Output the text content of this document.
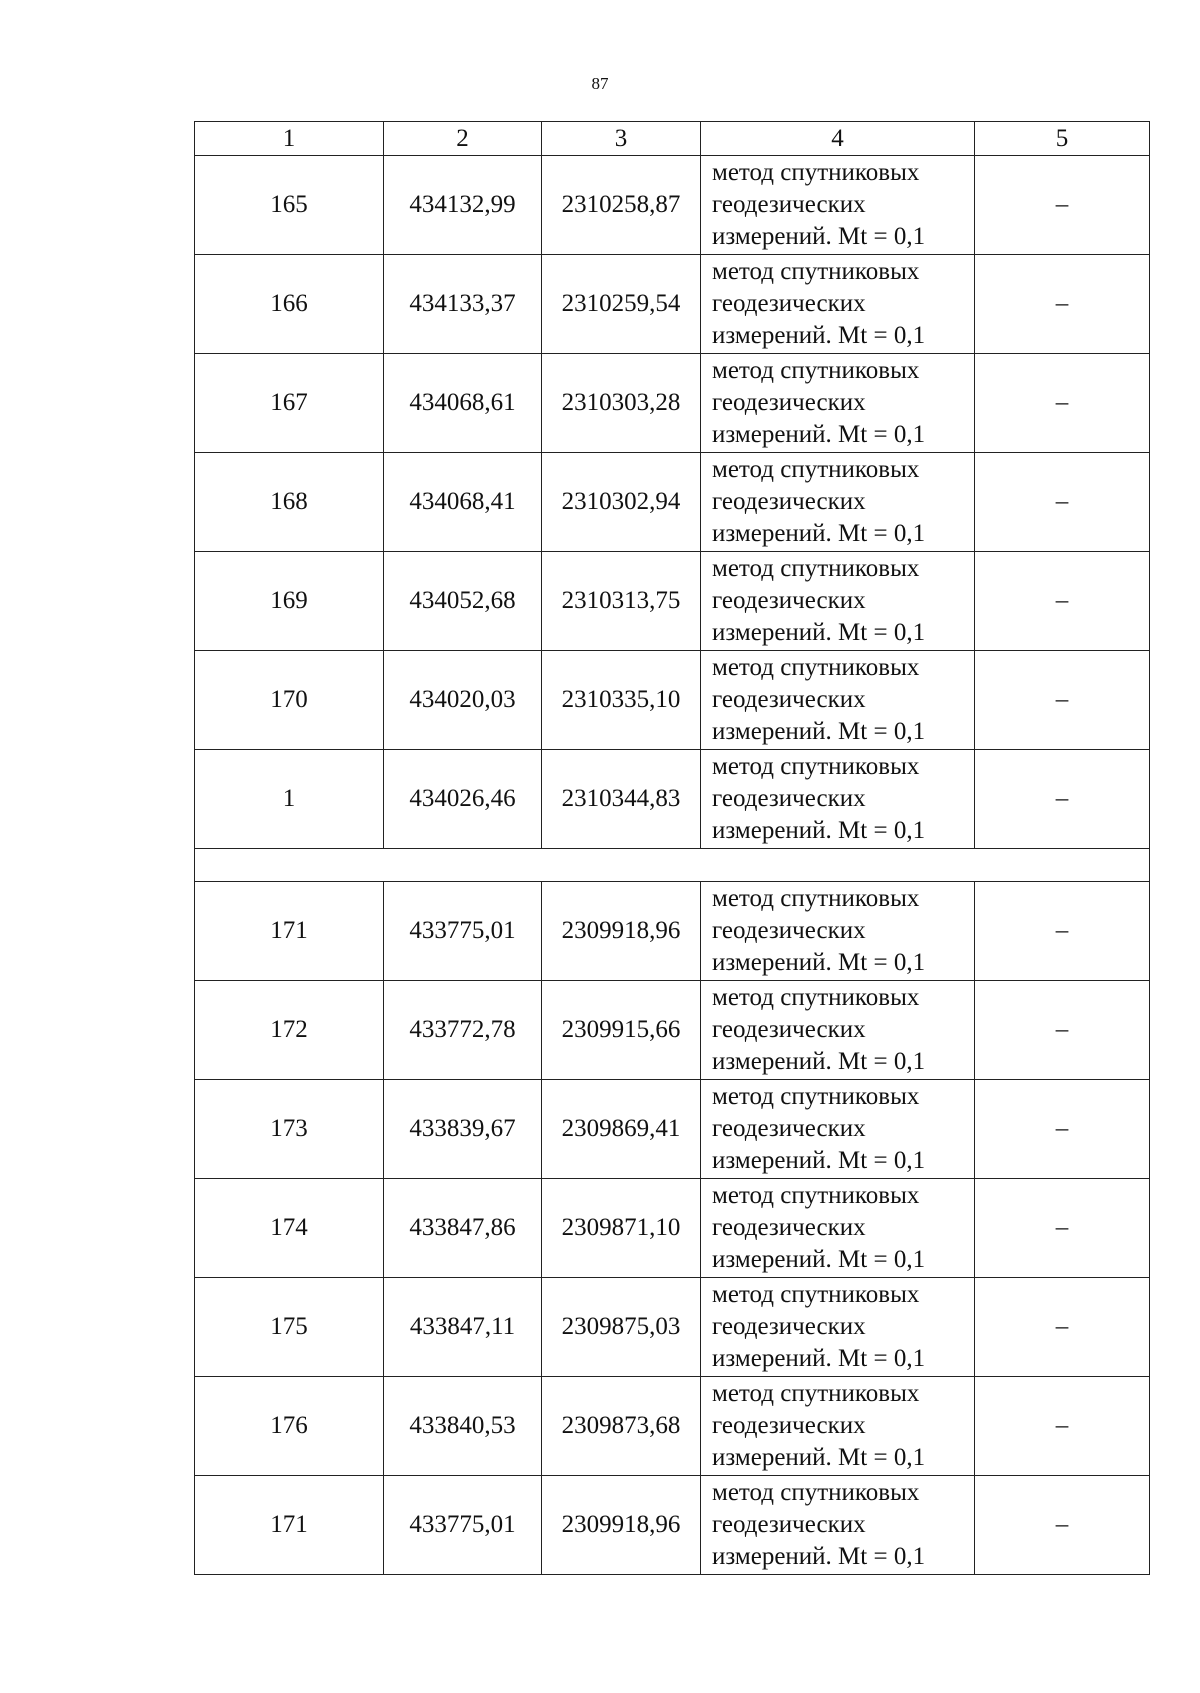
87
1	2	3	4	5
165	434132,99	2310258,87	метод спутниковых
геодезических
измерений. Mt = 0,1	–
166	434133,37	2310259,54	метод спутниковых
геодезических
измерений. Mt = 0,1	–
167	434068,61	2310303,28	метод спутниковых
геодезических
измерений. Mt = 0,1	–
168	434068,41	2310302,94	метод спутниковых
геодезических
измерений. Mt = 0,1	–
169	434052,68	2310313,75	метод спутниковых
геодезических
измерений. Mt = 0,1	–
170	434020,03	2310335,10	метод спутниковых
геодезических
измерений. Mt = 0,1	–
1	434026,46	2310344,83	метод спутниковых
геодезических
измерений. Mt = 0,1	–

171	433775,01	2309918,96	метод спутниковых
геодезических
измерений. Mt = 0,1	–
172	433772,78	2309915,66	метод спутниковых
геодезических
измерений. Mt = 0,1	–
173	433839,67	2309869,41	метод спутниковых
геодезических
измерений. Mt = 0,1	–
174	433847,86	2309871,10	метод спутниковых
геодезических
измерений. Mt = 0,1	–
175	433847,11	2309875,03	метод спутниковых
геодезических
измерений. Mt = 0,1	–
176	433840,53	2309873,68	метод спутниковых
геодезических
измерений. Mt = 0,1	–
171	433775,01	2309918,96	метод спутниковых
геодезических
измерений. Mt = 0,1	–
